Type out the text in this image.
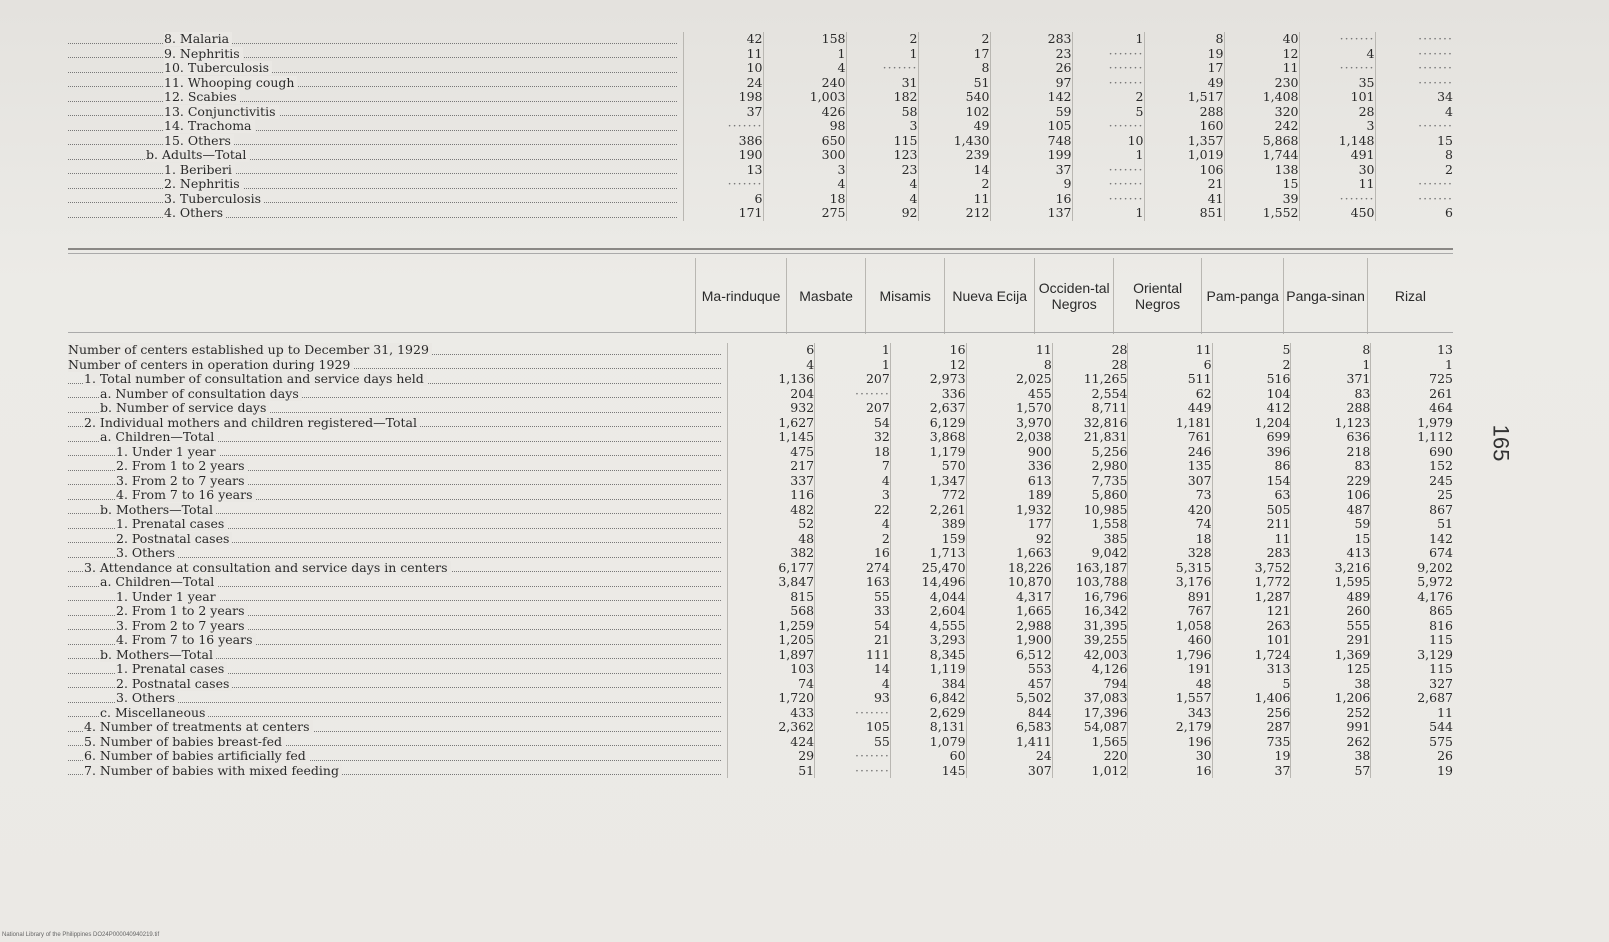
8. Malaria	42	158	2	2	283	1	8	40	·······	·······

9. Nephritis	11	1	1	17	23	·······	19	12	4	·······

10. Tuberculosis	10	4	·······	8	26	·······	17	11	·······	·······

11. Whooping cough	24	240	31	51	97	·······	49	230	35	·······

12. Scabies	198	1,003	182	540	142	2	1,517	1,408	101	34

13. Conjunctivitis	37	426	58	102	59	5	288	320	28	4

14. Trachoma	·······	98	3	49	105	·······	160	242	3	·······

15. Others	386	650	115	1,430	748	10	1,357	5,868	1,148	15

b. Adults—Total	190	300	123	239	199	1	1,019	1,744	491	8

1. Beriberi	13	3	23	14	37	·······	106	138	30	2

2. Nephritis	·······	4	4	2	9	·······	21	15	11	·······

3. Tuberculosis	6	18	4	11	16	·······	41	39	·······	·······

4. Others	171	275	92	212	137	1	851	1,552	450	6
Ma-rinduque	Masbate	Misamis	Nueva Ecija	Occiden-tal Negros	Oriental Negros	Pam-panga	Panga-sinan	Rizal
Number of centers established up to December 31, 1929	6	1	16	11	28	11	5	8	13

Number of centers in operation during 1929	4	1	12	8	28	6	2	1	1

1. Total number of consultation and service days held	1,136	207	2,973	2,025	11,265	511	516	371	725

a. Number of consultation days	204	·······	336	455	2,554	62	104	83	261

b. Number of service days	932	207	2,637	1,570	8,711	449	412	288	464

2. Individual mothers and children registered—Total	1,627	54	6,129	3,970	32,816	1,181	1,204	1,123	1,979

a. Children—Total	1,145	32	3,868	2,038	21,831	761	699	636	1,112

1. Under 1 year	475	18	1,179	900	5,256	246	396	218	690

2. From 1 to 2 years	217	7	570	336	2,980	135	86	83	152

3. From 2 to 7 years	337	4	1,347	613	7,735	307	154	229	245

4. From 7 to 16 years	116	3	772	189	5,860	73	63	106	25

b. Mothers—Total	482	22	2,261	1,932	10,985	420	505	487	867

1. Prenatal cases	52	4	389	177	1,558	74	211	59	51

2. Postnatal cases	48	2	159	92	385	18	11	15	142

3. Others	382	16	1,713	1,663	9,042	328	283	413	674

3. Attendance at consultation and service days in centers	6,177	274	25,470	18,226	163,187	5,315	3,752	3,216	9,202

a. Children—Total	3,847	163	14,496	10,870	103,788	3,176	1,772	1,595	5,972

1. Under 1 year	815	55	4,044	4,317	16,796	891	1,287	489	4,176

2. From 1 to 2 years	568	33	2,604	1,665	16,342	767	121	260	865

3. From 2 to 7 years	1,259	54	4,555	2,988	31,395	1,058	263	555	816

4. From 7 to 16 years	1,205	21	3,293	1,900	39,255	460	101	291	115

b. Mothers—Total	1,897	111	8,345	6,512	42,003	1,796	1,724	1,369	3,129

1. Prenatal cases	103	14	1,119	553	4,126	191	313	125	115

2. Postnatal cases	74	4	384	457	794	48	5	38	327

3. Others	1,720	93	6,842	5,502	37,083	1,557	1,406	1,206	2,687

c. Miscellaneous	433	·······	2,629	844	17,396	343	256	252	11

4. Number of treatments at centers	2,362	105	8,131	6,583	54,087	2,179	287	991	544

5. Number of babies breast-fed	424	55	1,079	1,411	1,565	196	735	262	575

6. Number of babies artificially fed	29	·······	60	24	220	30	19	38	26

7. Number of babies with mixed feeding	51	·······	145	307	1,012	16	37	57	19
165
National Library of the Philippines DO24P000040940219.tif
